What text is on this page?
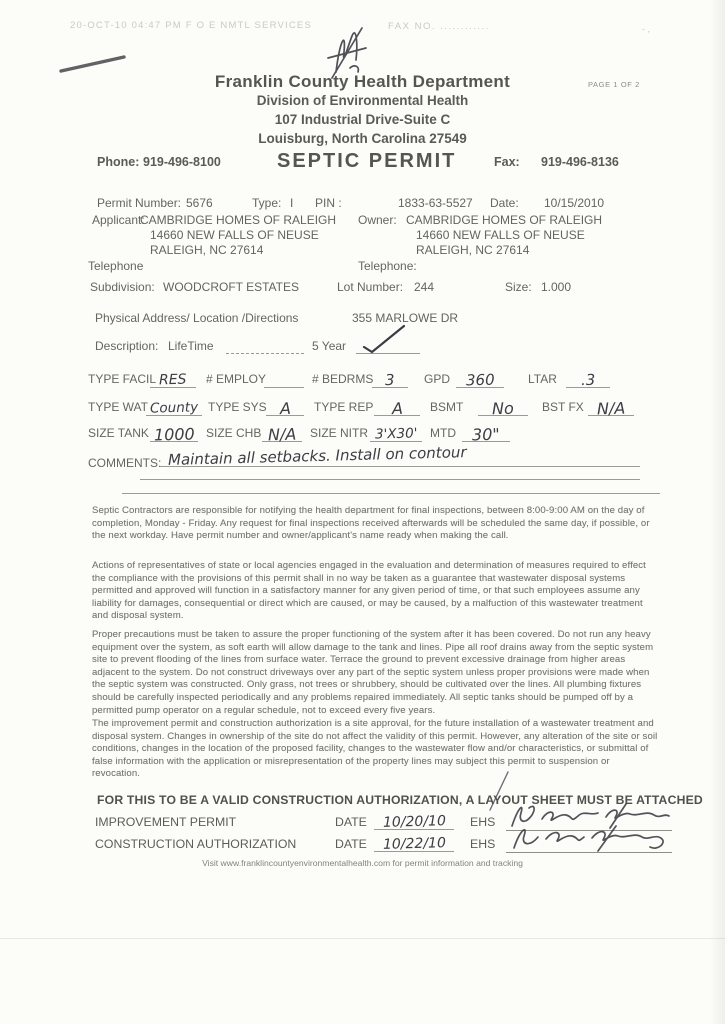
20-OCT-10 04:47 PM F O E NMTL SERVICES	FAX NO. ............	- ,
Franklin County Health Department
Division of Environmental Health
107 Industrial Drive-Suite C
Louisburg, North Carolina 27549
PAGE 1 OF 2
Phone: 919-496-8100	SEPTIC PERMIT	Fax: 919-496-8136
Permit Number: 5676	Type: I PIN :	1833-63-5527 Date: 10/15/2010
Applicant:
CAMBRIDGE HOMES OF RALEIGH
14660 NEW FALLS OF NEUSE
RALEIGH, NC 27614
Owner: CAMBRIDGE HOMES OF RALEIGH
14660 NEW FALLS OF NEUSE
RALEIGH, NC 27614
Telephone	Telephone:
Subdivision: WOODCROFT ESTATES	Lot Number: 244	Size: 1.000
Physical Address/ Location /Directions	355 MARLOWE DR
Description: LifeTime	5 Year
TYPE FACIL RES	# EMPLOY	# BEDRMS 3	GPD	360	LTAR	.3
TYPE WAT County TYPE SYS A	TYPE REP	A	BSMT	No	BST FX N/A
SIZE TANK 1000 SIZE CHB N/A	SIZE NITR 3'X30'	MTD 30"
COMMENTS: Maintain all setbacks. Install on contour

Septic Contractors are responsible for notifying the health department for final inspections, between 8:00-9:00 AM on the day of completion, Monday - Friday. Any request for final inspections received afterwards will be scheduled the same day, if possible, or the next workday. Have permit number and owner/applicant's name ready when making the call.

Actions of representatives of state or local agencies engaged in the evaluation and determination of measures required to effect the compliance with the provisions of this permit shall in no way be taken as a guarantee that wastewater disposal systems permitted and approved will function in a satisfactory manner for any given period of time, or that such employees assume any liability for damages, consequential or direct which are caused, or may be caused, by a malfuction of this wastewater treatment and disposal system.

Proper precautions must be taken to assure the proper functioning of the system after it has been covered. Do not run any heavy equipment over the system, as soft earth will allow damage to the tank and lines. Pipe all roof drains away from the septic system site to prevent flooding of the lines from surface water. Terrace the ground to prevent excessive drainage from higher areas adjacent to the system. Do not construct driveways over any part of the septic system unless proper provisions were made when the septic system was constructed. Only grass, not trees or shrubbery, should be cultivated over the lines. All plumbing fixtures should be carefully inspected periodically and any problems repaired immediately. All septic tanks should be pumped off by a permitted pump operator on a regular schedule, not to exceed every five years.

The improvement permit and construction authorization is a site approval, for the future installation of a wastewater treatment and disposal system. Changes in ownership of the site do not affect the validity of this permit. However, any alteration of the site or soil conditions, changes in the location of the proposed facility, changes to the wastewater flow and/or characteristics, or submittal of false information with the application or misrepresentation of the property lines may subject this permit to suspension or revocation.

FOR THIS TO BE A VALID CONSTRUCTION AUTHORIZATION, A LAYOUT SHEET MUST BE ATTACHED
IMPROVEMENT PERMIT	DATE	10/20/10	EHS
CONSTRUCTION AUTHORIZATION	DATE	10/22/10	EHS
Visit www.franklincountyenvironmentalhealth.com for permit information and tracking
